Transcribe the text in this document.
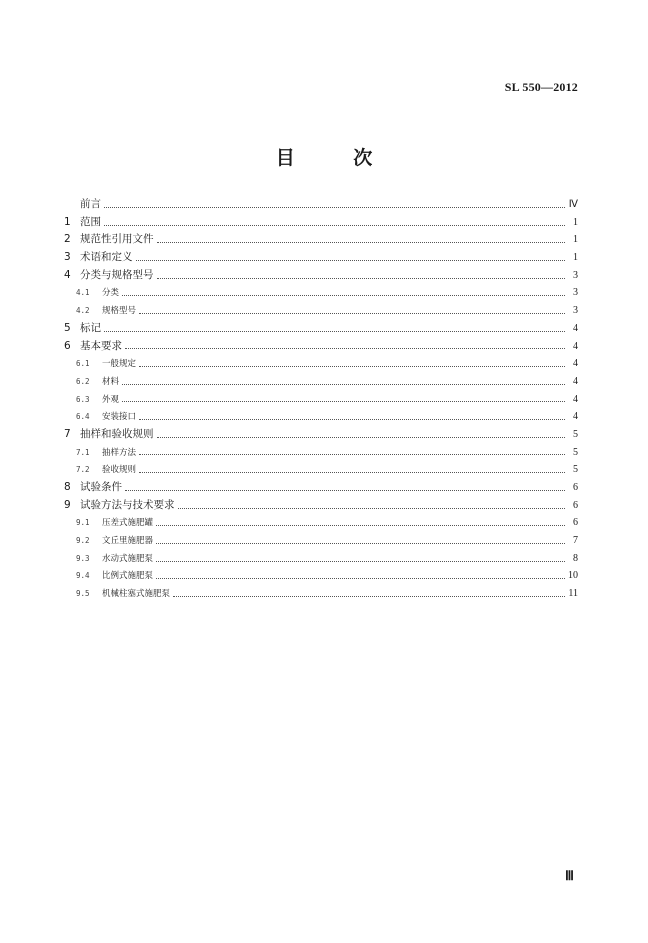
SL 550—2012
目 次
前言	Ⅳ
1 范围	1
2 规范性引用文件	1
3 术语和定义	1
4 分类与规格型号	3
4.1	分类	3
4.2	规格型号	3
5 标记	4
6 基本要求	4
6.1	一般规定	4
6.2	材料	4
6.3	外观	4
6.4	安装接口	4
7 抽样和验收规则	5
7.1	抽样方法	5
7.2	验收规则	5
8 试验条件	6
9 试验方法与技术要求	6
9.1	压差式施肥罐	6
9.2	文丘里施肥器	7
9.3	水动式施肥泵	8
9.4	比例式施肥泵	10
9.5	机械柱塞式施肥泵	11
Ⅲ
